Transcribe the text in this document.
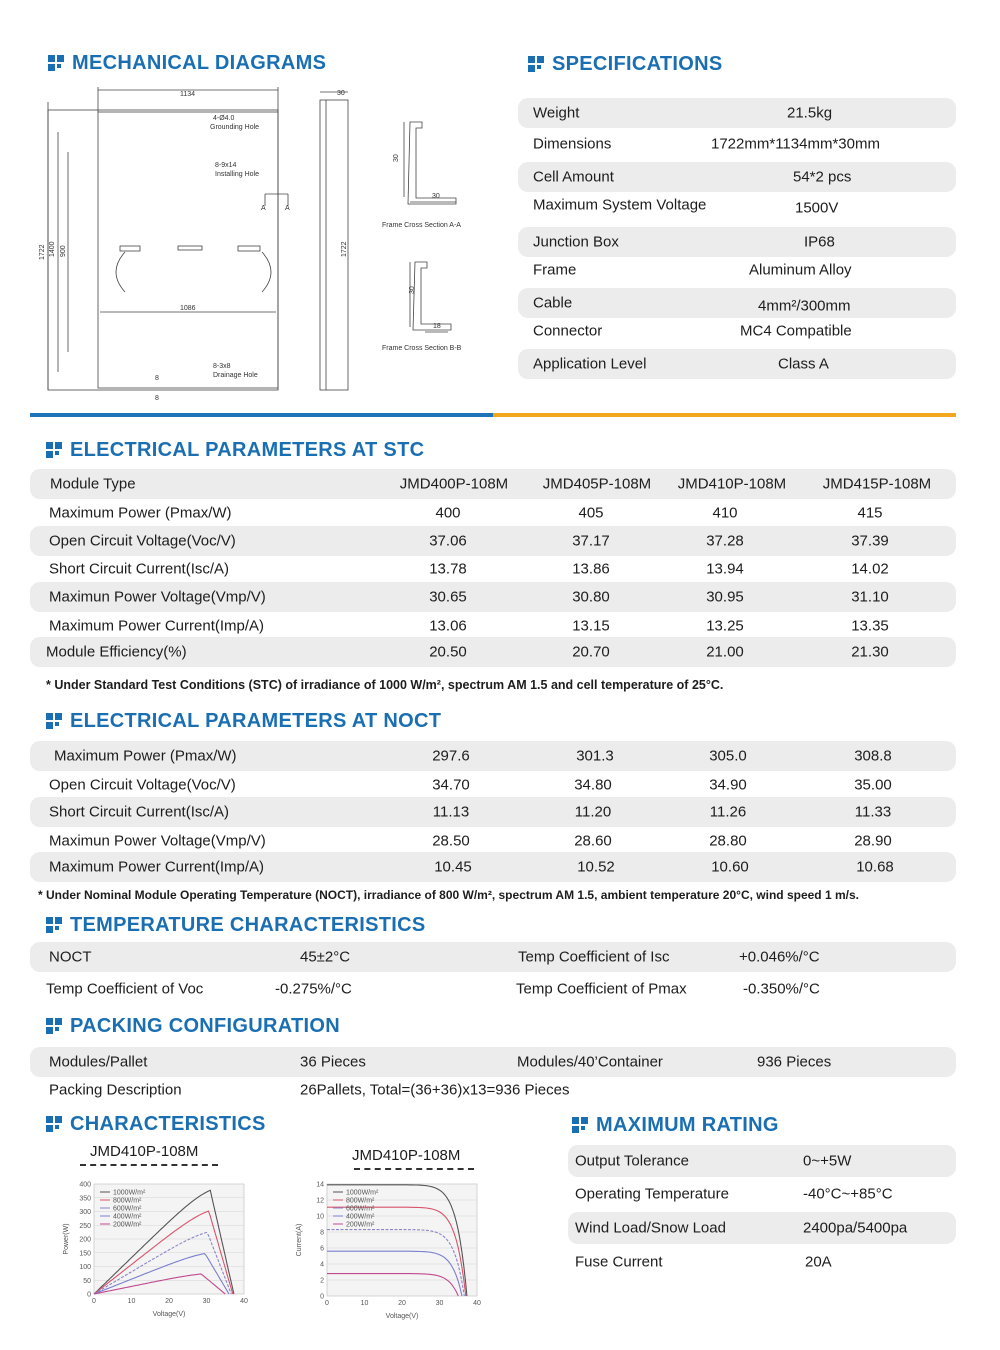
MECHANICAL DIAGRAMS
1134	30
4-Ø4.0
Grounding Hole
8-9x14
Installing Hole
A	A
1086
8-3x8
Drainage Hole
8
8
1722 1400 900	1722
30
30
30
18
Frame Cross Section A-A
Frame Cross Section B-B
SPECIFICATIONS
Weight	21.5kg
Dimensions	1722mm*1134mm*30mm
Cell Amount	54*2 pcs
Maximum System Voltage	1500V
Junction Box	IP68
Frame	Aluminum Alloy
Cable	4mm²/300mm
Connector	MC4 Compatible
Application Level	Class A
ELECTRICAL PARAMETERS AT STC
Module Type	JMD400P-108M	JMD405P-108M	JMD410P-108M	JMD415P-108M
Maximum Power (Pmax/W)	400	405	410	415
Open Circuit Voltage(Voc/V)	37.06	37.17	37.28	37.39
Short Circuit Current(Isc/A)	13.78	13.86	13.94	14.02
Maximun Power Voltage(Vmp/V)	30.65	30.80	30.95	31.10
Maximum Power Current(Imp/A)	13.06	13.15	13.25	13.35
Module Efficiency(%)	20.50	20.70	21.00	21.30
* Under Standard Test Conditions (STC) of irradiance of 1000 W/m², spectrum AM 1.5 and cell temperature of 25°C.
ELECTRICAL PARAMETERS AT NOCT
Maximum Power (Pmax/W)	297.6	301.3	305.0	308.8
Open Circuit Voltage(Voc/V)	34.70	34.80	34.90	35.00
Short Circuit Current(Isc/A)	11.13	11.20	11.26	11.33
Maximun Power Voltage(Vmp/V)	28.50	28.60	28.80	28.90
Maximum Power Current(Imp/A)	10.45	10.52	10.60	10.68
* Under Nominal Module Operating Temperature (NOCT), irradiance of 800 W/m², spectrum AM 1.5, ambient temperature 20°C, wind speed 1 m/s.
TEMPERATURE CHARACTERISTICS
NOCT	45±2°C	Temp Coefficient of Isc	+0.046%/°C
Temp Coefficient of Voc	-0.275%/°C	Temp Coefficient of Pmax	-0.350%/°C
PACKING CONFIGURATION
Modules/Pallet	36 Pieces	Modules/40’Container	936 Pieces
Packing Description	26Pallets, Total=(36+36)x13=936 Pieces
CHARACTERISTICS
JMD410P-108M
0
50
100
150
200
250
300
350
400
0	10	20	30	40
Voltage(V)
Power(W)
1000W/m²
800W/m²
600W/m²
400W/m²
200W/m²
JMD410P-108M
0
2
4
6
8
10
12
14
0	10	20	30	40
Voltage(V)
Current(A)
1000W/m²
800W/m²
600W/m²
400W/m²
200W/m²
MAXIMUM RATING
Output Tolerance	0~+5W
Operating Temperature	-40°C~+85°C
Wind Load/Snow Load	2400pa/5400pa
Fuse Current	20A
